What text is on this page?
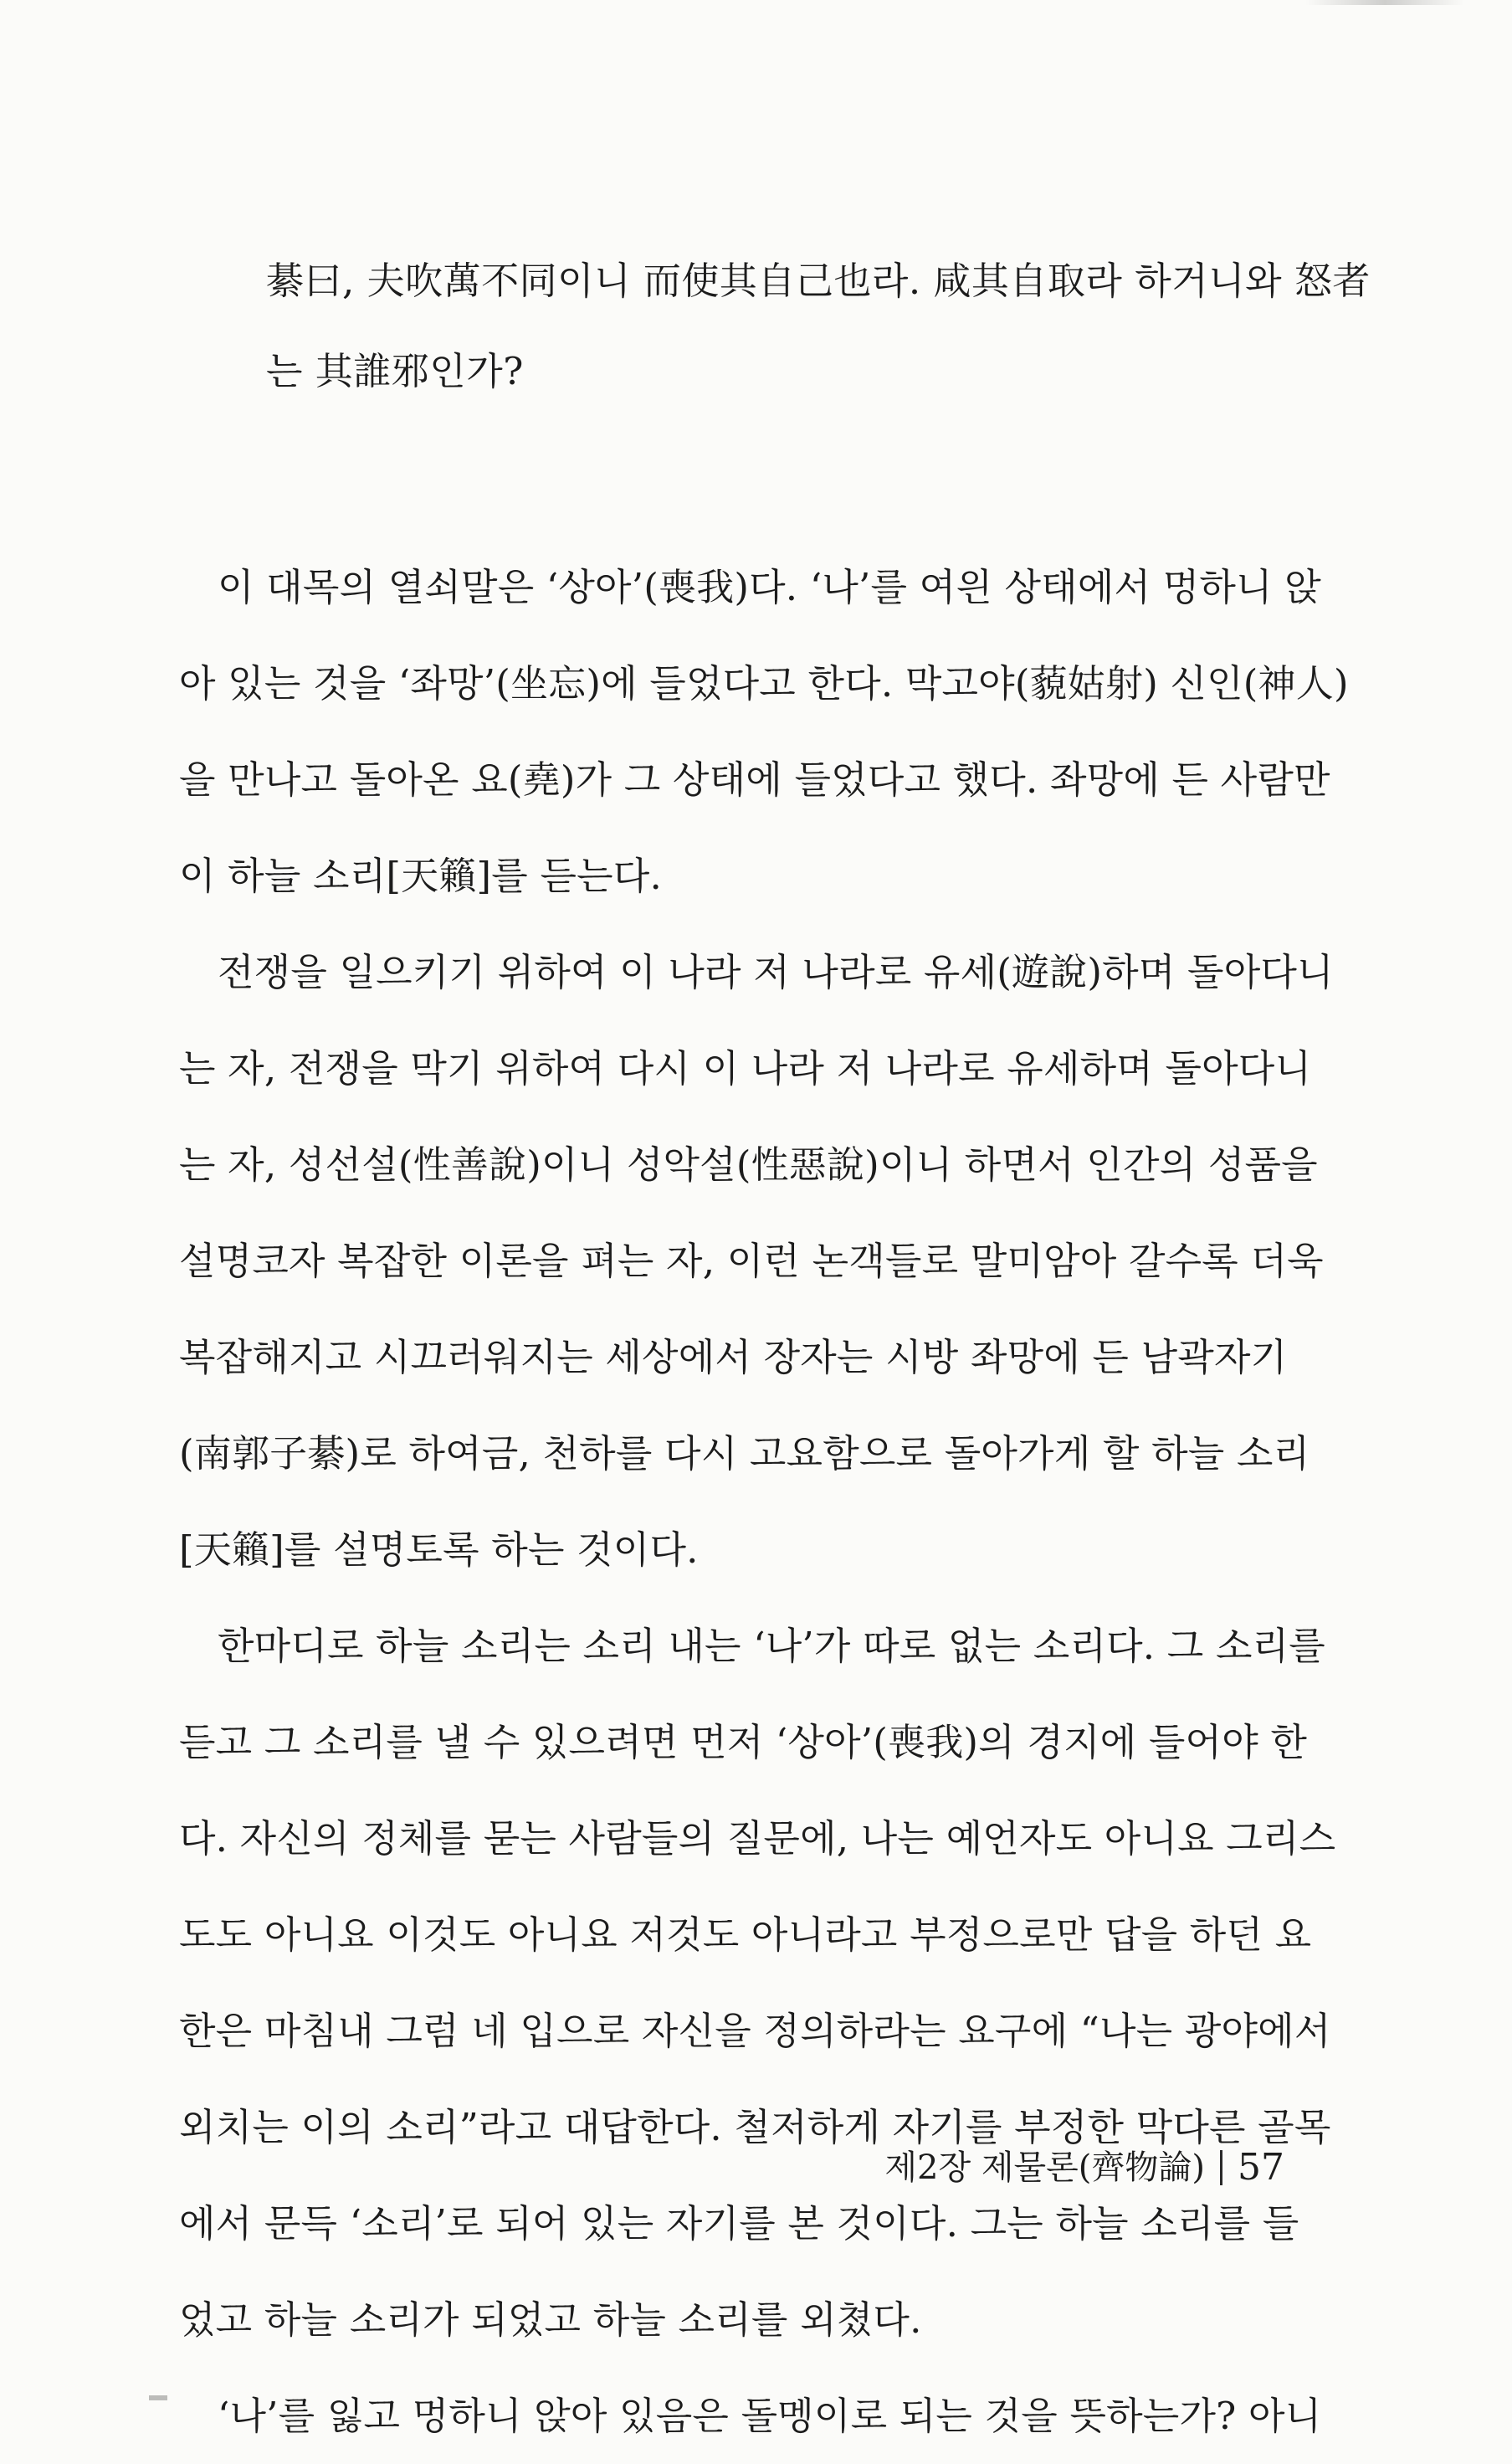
綦曰, 夫吹萬不同이니 而使其自己也라. 咸其自取라 하거니와 怒者

는 其誰邪인가?

이 대목의 열쇠말은 ‘상아’(喪我)다. ‘나’를 여읜 상태에서 멍하니 앉
아 있는 것을 ‘좌망’(坐忘)에 들었다고 한다. 막고야(藐姑射) 신인(神人)
을 만나고 돌아온 요(堯)가 그 상태에 들었다고 했다. 좌망에 든 사람만
이 하늘 소리[天籟]를 듣는다.
전쟁을 일으키기 위하여 이 나라 저 나라로 유세(遊說)하며 돌아다니
는 자, 전쟁을 막기 위하여 다시 이 나라 저 나라로 유세하며 돌아다니
는 자, 성선설(性善說)이니 성악설(性惡說)이니 하면서 인간의 성품을
설명코자 복잡한 이론을 펴는 자, 이런 논객들로 말미암아 갈수록 더욱
복잡해지고 시끄러워지는 세상에서 장자는 시방 좌망에 든 남곽자기
(南郭子綦)로 하여금, 천하를 다시 고요함으로 돌아가게 할 하늘 소리
[天籟]를 설명토록 하는 것이다.
한마디로 하늘 소리는 소리 내는 ‘나’가 따로 없는 소리다. 그 소리를
듣고 그 소리를 낼 수 있으려면 먼저 ‘상아’(喪我)의 경지에 들어야 한
다. 자신의 정체를 묻는 사람들의 질문에, 나는 예언자도 아니요 그리스
도도 아니요 이것도 아니요 저것도 아니라고 부정으로만 답을 하던 요
한은 마침내 그럼 네 입으로 자신을 정의하라는 요구에 “나는 광야에서
외치는 이의 소리”라고 대답한다. 철저하게 자기를 부정한 막다른 골목
에서 문득 ‘소리’로 되어 있는 자기를 본 것이다. 그는 하늘 소리를 들
었고 하늘 소리가 되었고 하늘 소리를 외쳤다.
‘나’를 잃고 멍하니 앉아 있음은 돌멩이로 되는 것을 뜻하는가? 아니
제2장 제물론(齊物論) 57
